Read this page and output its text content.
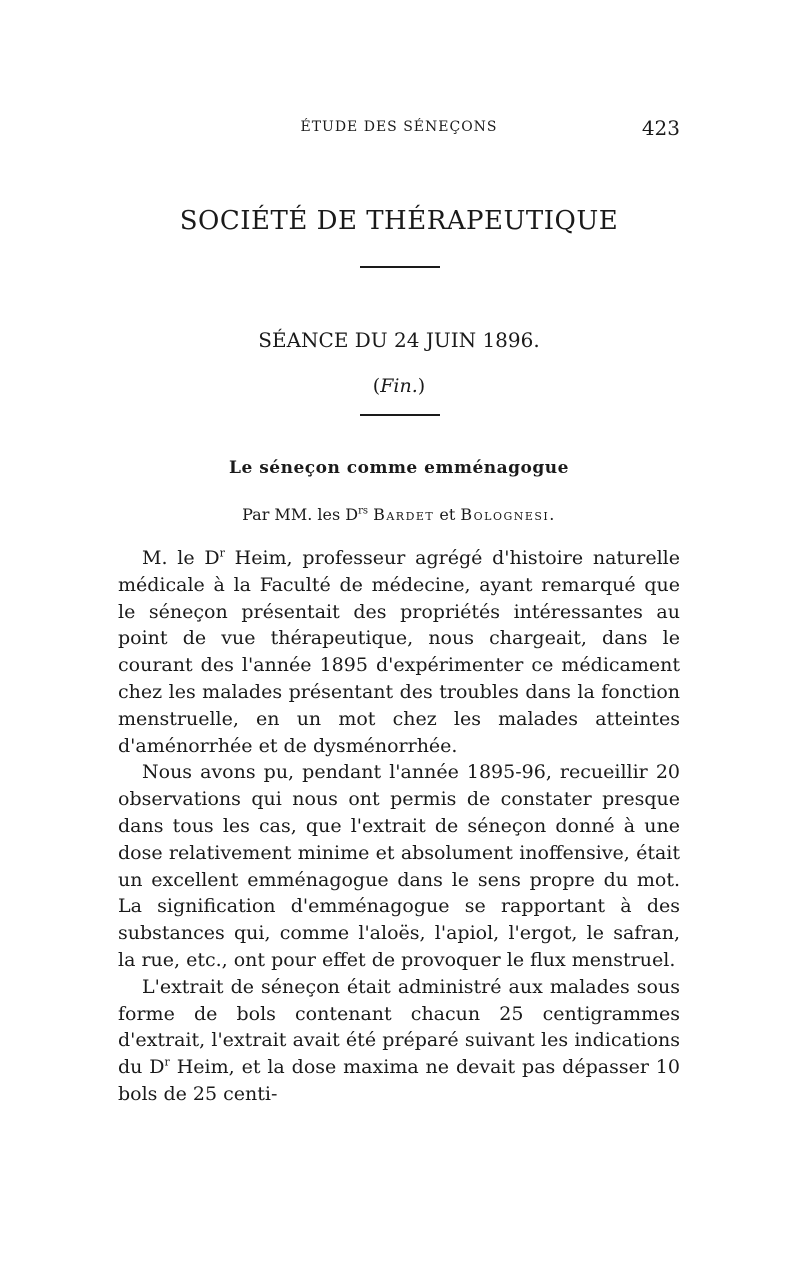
ÉTUDE DES SÉNEÇONS	423
SOCIÉTÉ DE THÉRAPEUTIQUE
SÉANCE DU 24 JUIN 1896.
(Fin.)
Le séneçon comme emménagogue
Par MM. les $D^{rs}$ Bardet et Bolognesi.

M. le $D^r$ Heim, professeur agrégé d'histoire naturelle médicale à la Faculté de médecine, ayant remarqué que le séneçon présentait des propriétés intéressantes au point de vue thérapeutique, nous chargeait, dans le courant des l'année 1895 d'expérimenter ce médicament chez les malades présentant des troubles dans la fonction menstruelle, en un mot chez les malades atteintes d'aménorrhée et de dysménorrhée.

Nous avons pu, pendant l'année 1895-96, recueillir 20 observations qui nous ont permis de constater presque dans tous les cas, que l'extrait de séneçon donné à une dose relativement minime et absolument inoffensive, était un excellent emménagogue dans le sens propre du mot. La signification d'emménagogue se rapportant à des substances qui, comme l'aloës, l'apiol, l'ergot, le safran, la rue, etc., ont pour effet de provoquer le flux menstruel.

L'extrait de séneçon était administré aux malades sous forme de bols contenant chacun 25 centigrammes d'extrait, l'extrait avait été préparé suivant les indications du $D^r$ Heim, et la dose maxima ne devait pas dépasser 10 bols de 25 centi-
